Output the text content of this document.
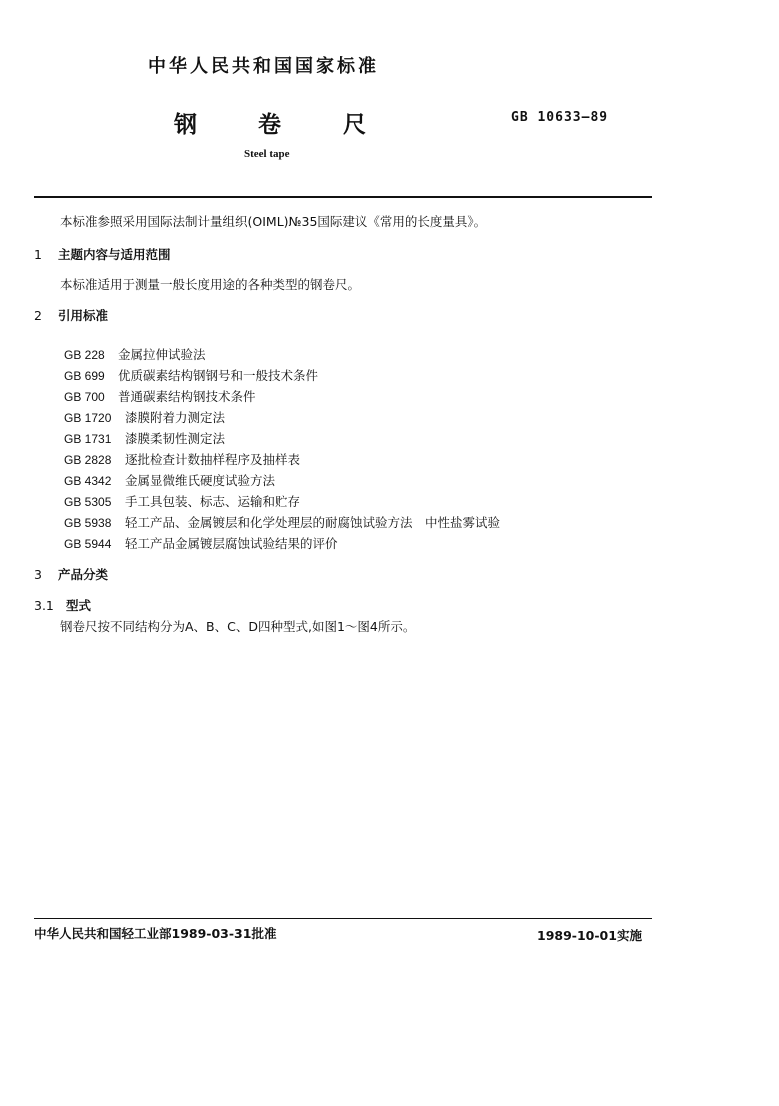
中华人民共和国国家标准
钢	卷	尺	GB 10633—89
Steel tape
本标准参照采用国际法制计量组织(OIML)№35国际建议《常用的长度量具》。
1 主题内容与适用范围
本标准适用于测量一般长度用途的各种类型的钢卷尺。
2 引用标准
GB 228 金属拉伸试验法
GB 699 优质碳素结构钢钢号和一般技术条件
GB 700 普通碳素结构钢技术条件
GB 1720 漆膜附着力测定法
GB 1731 漆膜柔韧性测定法
GB 2828 逐批检查计数抽样程序及抽样表
GB 4342 金属显微维氏硬度试验方法
GB 5305 手工具包装、标志、运输和贮存
GB 5938 轻工产品、金属镀层和化学处理层的耐腐蚀试验方法　中性盐雾试验
GB 5944 轻工产品金属镀层腐蚀试验结果的评价
3 产品分类
3.1 型式
钢卷尺按不同结构分为A、B、C、D四种型式,如图1～图4所示。
中华人民共和国轻工业部1989-03-31批准	1989-10-01实施
